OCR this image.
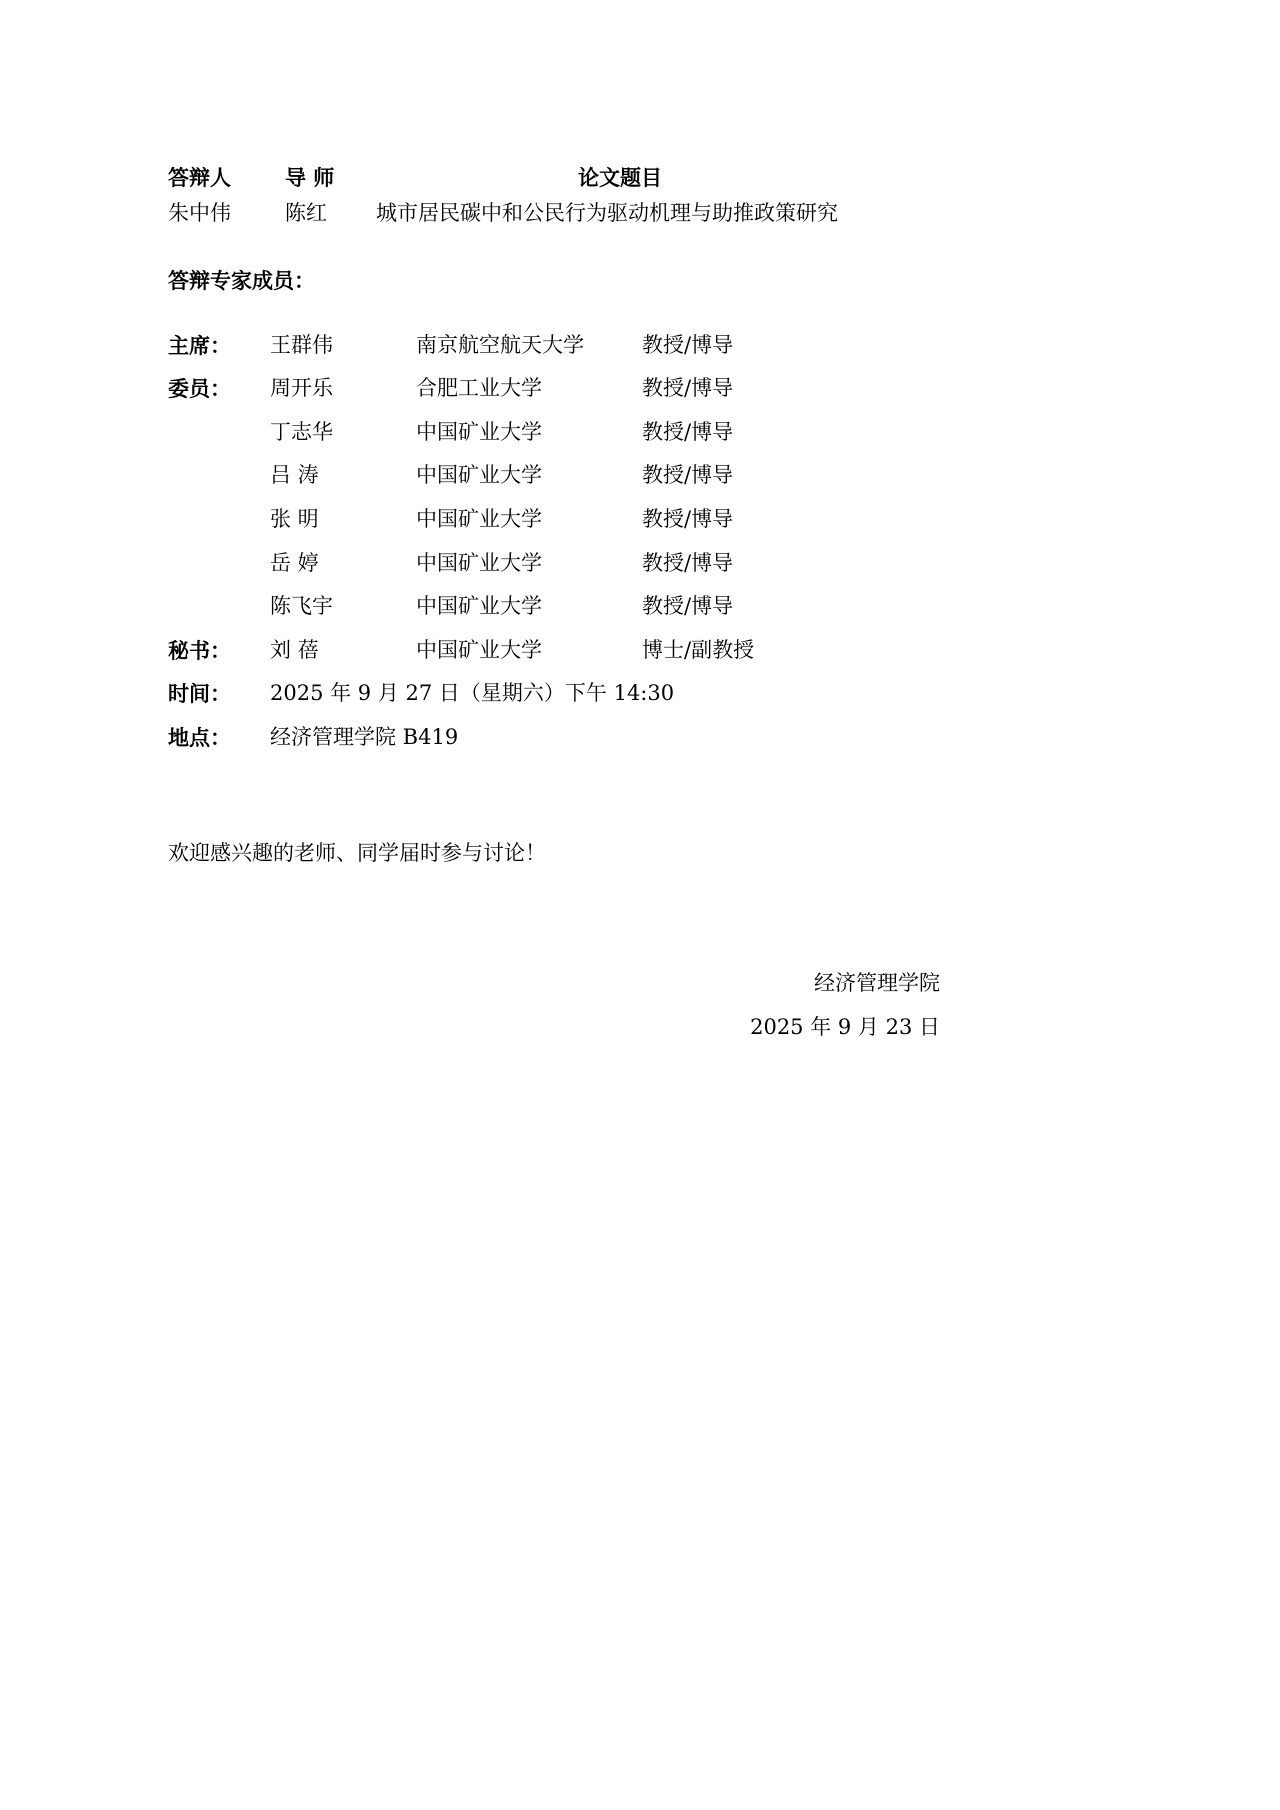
答辩人	导 师	论文题目
朱中伟	陈红 城市居民碳中和公民行为驱动机理与助推政策研究
答辩专家成员：
主席： 王群伟	南京航空航天大学	教授/博导
委员： 周开乐	合肥工业大学	教授/博导
丁志华	中国矿业大学	教授/博导
吕 涛	中国矿业大学	教授/博导
张 明	中国矿业大学	教授/博导
岳 婷	中国矿业大学	教授/博导
陈飞宇	中国矿业大学	教授/博导
秘书： 刘 蓓	中国矿业大学	博士/副教授
时间： 2025 年 9 月 27 日（星期六）下午 14:30
地点： 经济管理学院 B419
欢迎感兴趣的老师、同学届时参与讨论！
经济管理学院
2025 年 9 月 23 日
